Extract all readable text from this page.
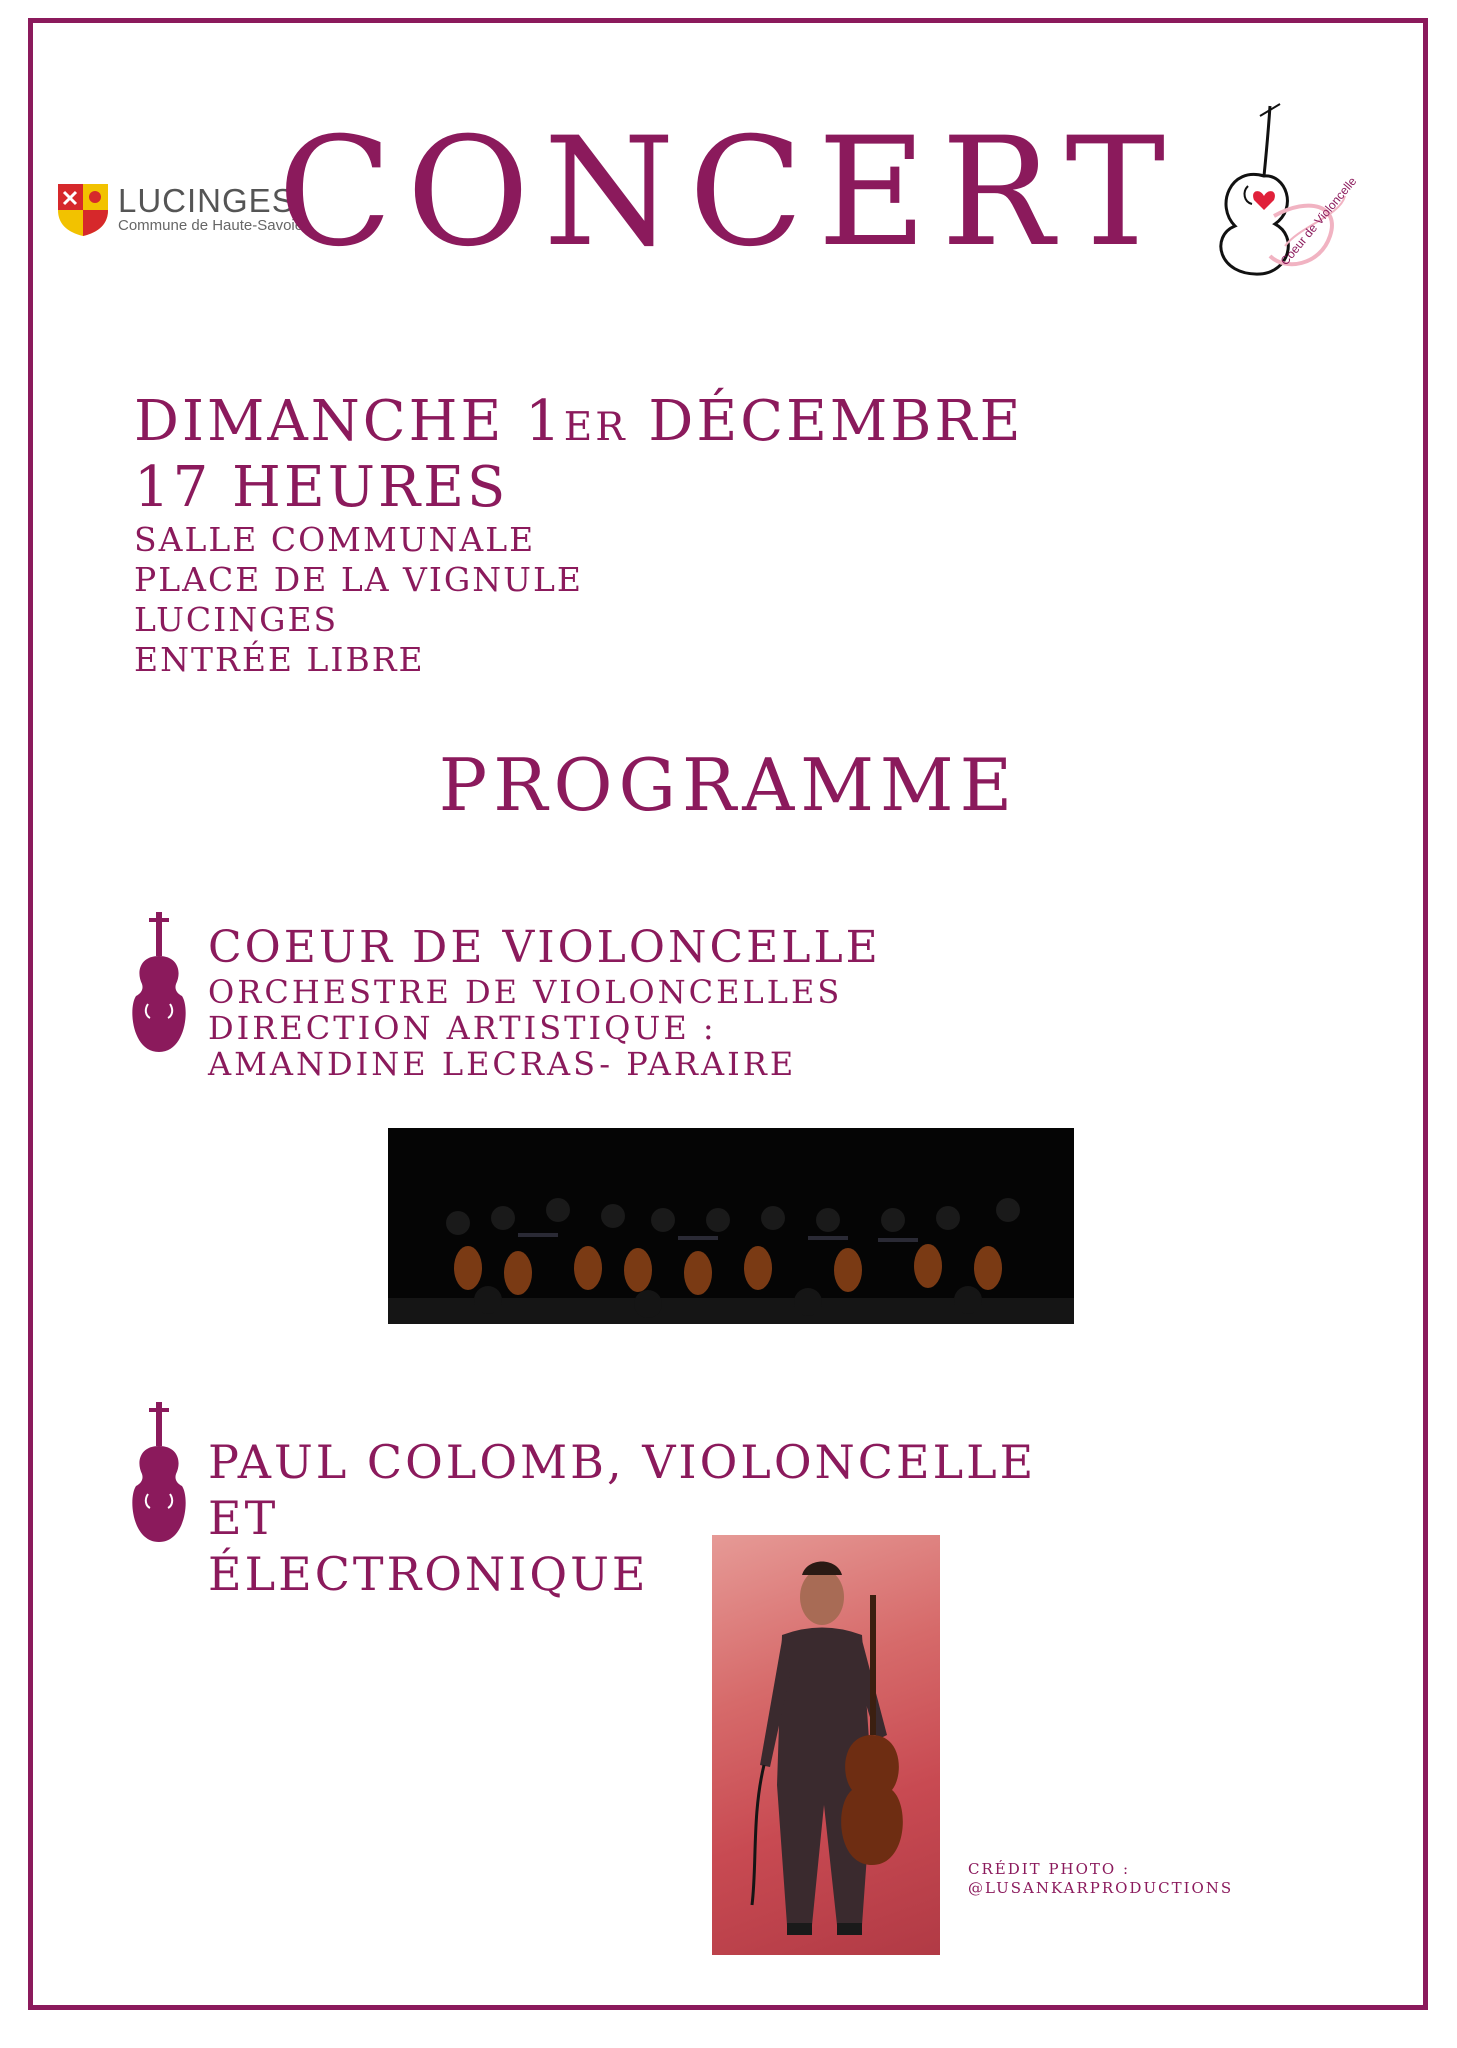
LUCINGES
Commune de Haute-Savoie
CONCERT	Coeur de Violoncelle
DIMANCHE 1er DÉCEMBRE
17 HEURES
SALLE COMMUNALE
PLACE DE LA VIGNULE
LUCINGES
ENTRÉE LIBRE
PROGRAMME
COEUR DE VIOLONCELLE
ORCHESTRE DE VIOLONCELLES
DIRECTION ARTISTIQUE :
AMANDINE LECRAS- PARAIRE
PAUL COLOMB, VIOLONCELLE ET
ÉLECTRONIQUE
CRÉDIT PHOTO :
@LUSANKARPRODUCTIONS
